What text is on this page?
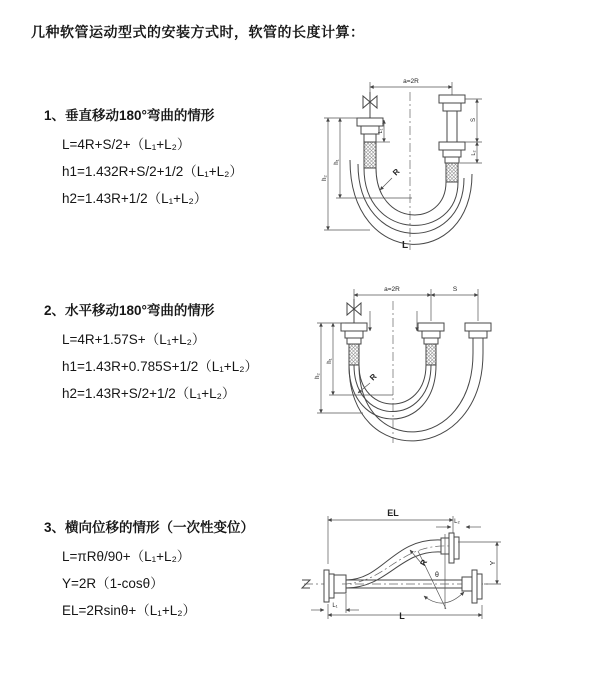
几种软管运动型式的安装方式时，软管的长度计算：
1、垂直移动180°弯曲的情形
L=4R+S/2+（L₁+L₂）
h1=1.432R+S/2+1/2（L₁+L₂）
h2=1.43R+1/2（L₁+L₂）
2、水平移动180°弯曲的情形
L=4R+1.57S+（L₁+L₂）
h1=1.43R+0.785S+1/2（L₁+L₂）
h2=1.43R+S/2+1/2（L₁+L₂）
3、横向位移的情形（一次性变位）
L=πRθ/90+（L₁+L₂）
Y=2R（1-cosθ）
EL=2Rsinθ+（L₁+L₂）
a=2R
h₁
h₂
L₁
S
L₂
R
L
a=2R	S
h₁
h₂	R
EL
L₂
θ
R	Y
L₁
L
